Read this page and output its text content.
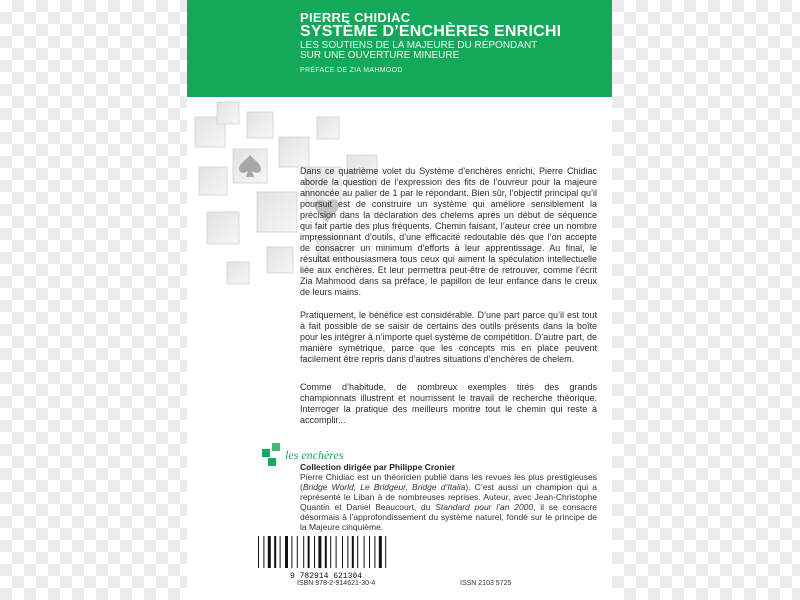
PIERRE CHIDIAC
SYSTÈME D’ENCHÈRES ENRICHI
LES SOUTIENS DE LA MAJEURE DU RÉPONDANT
SUR UNE OUVERTURE MINEURE
PRÉFACE DE ZIA MAHMOOD
Dans ce quatrième volet du Système d’enchères enrichi, Pierre Chidiac aborde la question de l’expression des fits de l’ouvreur pour la majeure annoncée au palier de 1 par le répondant. Bien sûr, l’objectif principal qu’il poursuit est de construire un système qui améliore sensiblement la précision dans la déclaration des chelems après un début de séquence qui fait partie des plus fréquents. Chemin faisant, l’auteur crée un nombre impressionnant d’outils, d’une efficacité redoutable dès que l’on accepte de consacrer un minimum d’efforts à leur apprentissage. Au final, le résultat enthousiasmera tous ceux qui aiment la spéculation intellectuelle liée aux enchères. Et leur permettra peut-être de retrouver, comme l’écrit Zia Mahmood dans sa préface, le papillon de leur enfance dans le creux de leurs mains.
Pratiquement, le bénéfice est considérable. D’une part parce qu’il est tout à fait possible de se saisir de certains des outils présents dans la boîte pour les intégrer à n’importe quel système de compétition. D’autre part, de manière symétrique, parce que les concepts mis en place peuvent facilement être repris dans d’autres situations d’enchères de chelem.
Comme d’habitude, de nombreux exemples tirés des grands championnats illustrent et nourrissent le travail de recherche théorique. Interroger la pratique des meilleurs montre tout le chemin qui reste à accomplir...
les enchères
Collection dirigée par Philippe Cronier
Pierre Chidiac est un théoricien publié dans les revues les plus prestigieuses (Bridge World, Le Bridgeur, Bridge d’Italia). C’est aussi un champion qui a représenté le Liban à de nombreuses reprises. Auteur, avec Jean-Christophe Quantin et Daniel Beaucourt, du Standard pour l’an 2000, il se consacre désormais à l’approfondissement du système naturel, fondé sur le principe de la Majeure cinquième.
9 782914 621304
ISBN 978-2-914621-30-4	ISSN 2103 5725
